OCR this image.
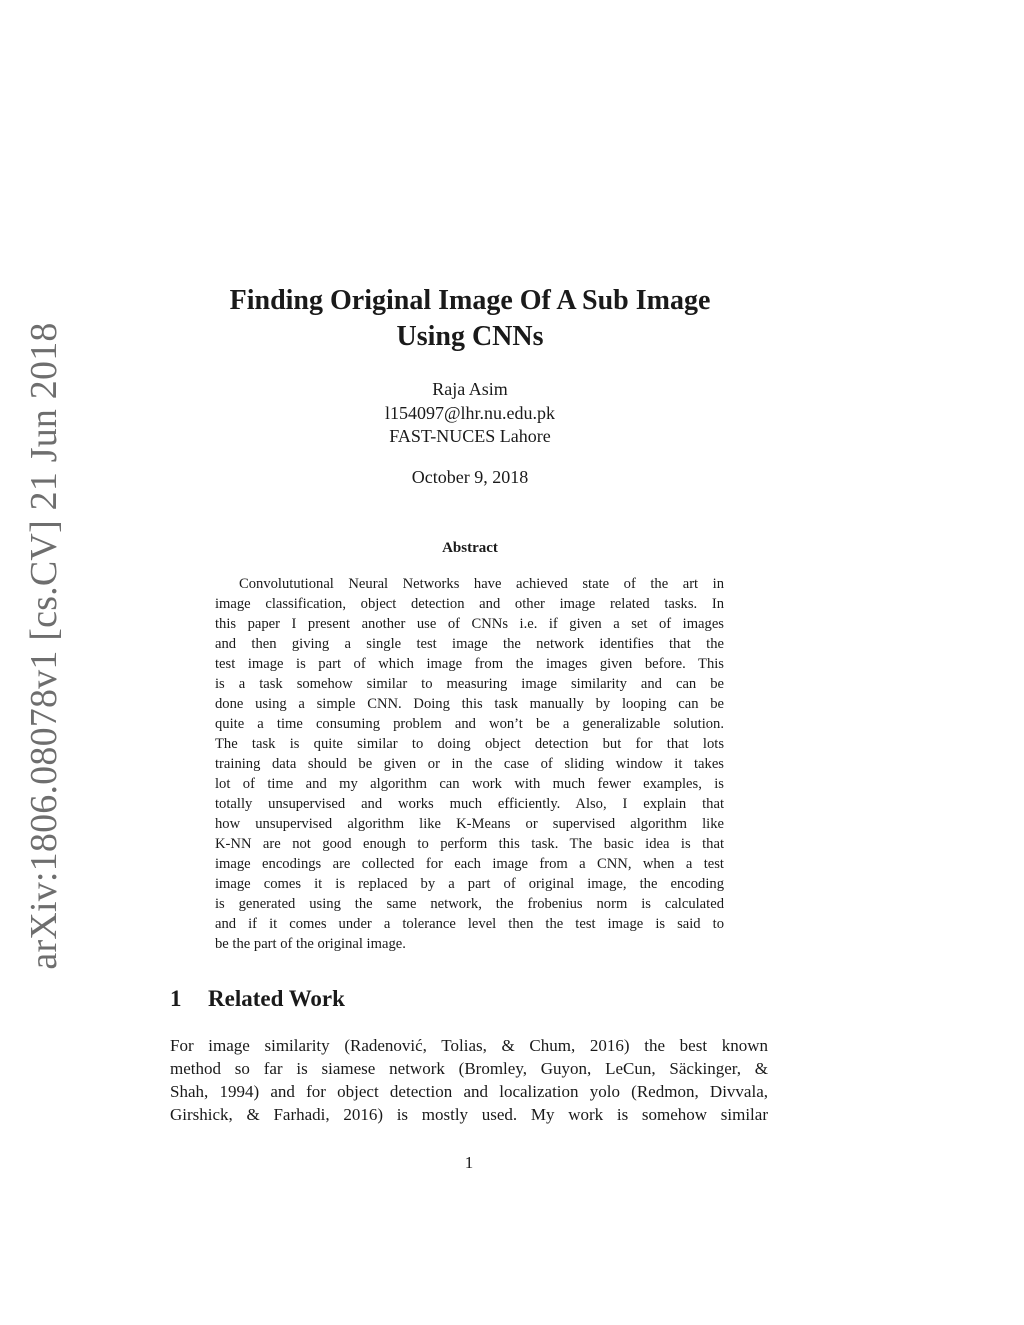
arXiv:1806.08078v1 [cs.CV] 21 Jun 2018
Finding Original Image Of A Sub Image
Using CNNs
Raja Asim
l154097@lhr.nu.edu.pk
FAST-NUCES Lahore
October 9, 2018
Abstract
Convolututional Neural Networks have achieved state of the art in
image classification, object detection and other image related tasks. In
this paper I present another use of CNNs i.e. if given a set of images
and then giving a single test image the network identifies that the
test image is part of which image from the images given before. This
is a task somehow similar to measuring image similarity and can be
done using a simple CNN. Doing this task manually by looping can be
quite a time consuming problem and won’t be a generalizable solution.
The task is quite similar to doing object detection but for that lots
training data should be given or in the case of sliding window it takes
lot of time and my algorithm can work with much fewer examples, is
totally unsupervised and works much efficiently. Also, I explain that
how unsupervised algorithm like K-Means or supervised algorithm like
K-NN are not good enough to perform this task. The basic idea is that
image encodings are collected for each image from a CNN, when a test
image comes it is replaced by a part of original image, the encoding
is generated using the same network, the frobenius norm is calculated
and if it comes under a tolerance level then the test image is said to
be the part of the original image.
1 Related Work
For image similarity (Radenović, Tolias, & Chum, 2016) the best known
method so far is siamese network (Bromley, Guyon, LeCun, Säckinger, &
Shah, 1994) and for object detection and localization yolo (Redmon, Divvala,
Girshick, & Farhadi, 2016) is mostly used. My work is somehow similar
1
